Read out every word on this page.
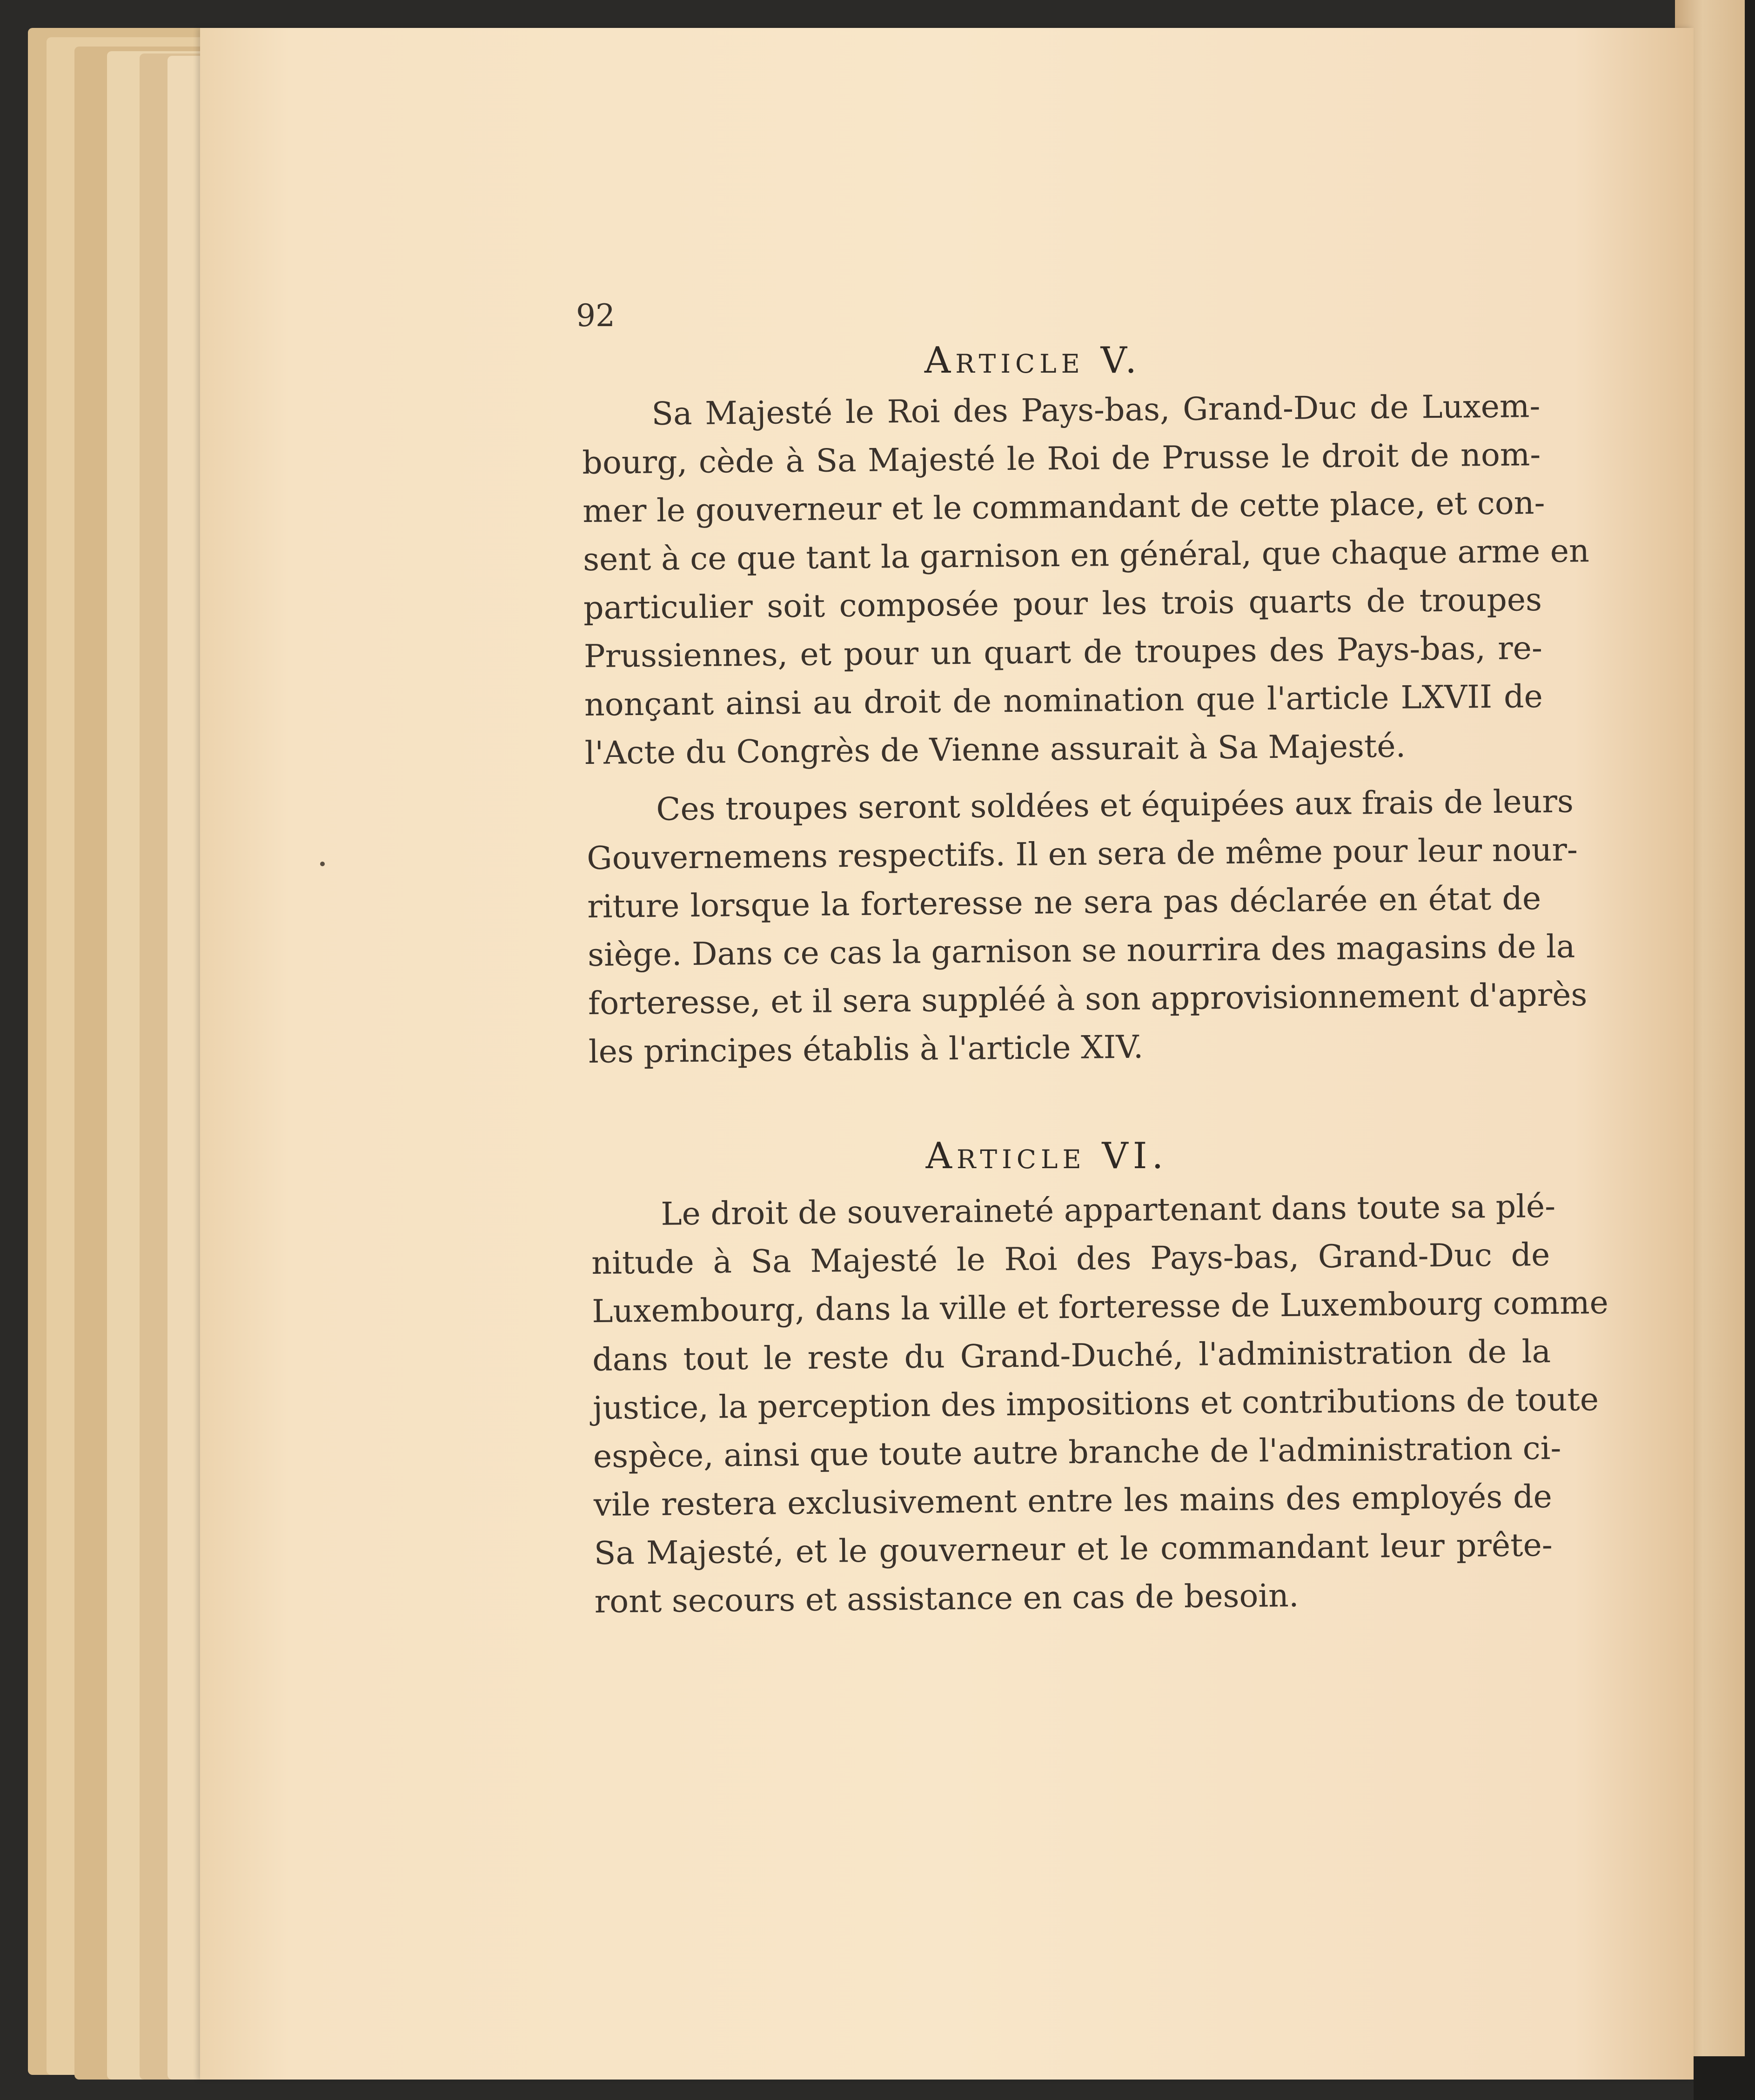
92
Article V.
Sa Majesté le Roi des Pays-bas, Grand-Duc de Luxem-
bourg, cède à Sa Majesté le Roi de Prusse le droit de nom-
mer le gouverneur et le commandant de cette place, et con-
sent à ce que tant la garnison en général, que chaque arme en
particulier soit composée pour les trois quarts de troupes
Prussiennes, et pour un quart de troupes des Pays-bas, re-
nonçant ainsi au droit de nomination que l'article LXVII de
l'Acte du Congrès de Vienne assurait à Sa Majesté.
Ces troupes seront soldées et équipées aux frais de leurs
Gouvernemens respectifs. Il en sera de même pour leur nour-
riture lorsque la forteresse ne sera pas déclarée en état de
siège. Dans ce cas la garnison se nourrira des magasins de la
forteresse, et il sera suppléé à son approvisionnement d'après
les principes établis à l'article XIV.
Article VI.
Le droit de souveraineté appartenant dans toute sa plé-
nitude à Sa Majesté le Roi des Pays-bas, Grand-Duc de
Luxembourg, dans la ville et forteresse de Luxembourg comme
dans tout le reste du Grand-Duché, l'administration de la
justice, la perception des impositions et contributions de toute
espèce, ainsi que toute autre branche de l'administration ci-
vile restera exclusivement entre les mains des employés de
Sa Majesté, et le gouverneur et le commandant leur prête-
ront secours et assistance en cas de besoin.
